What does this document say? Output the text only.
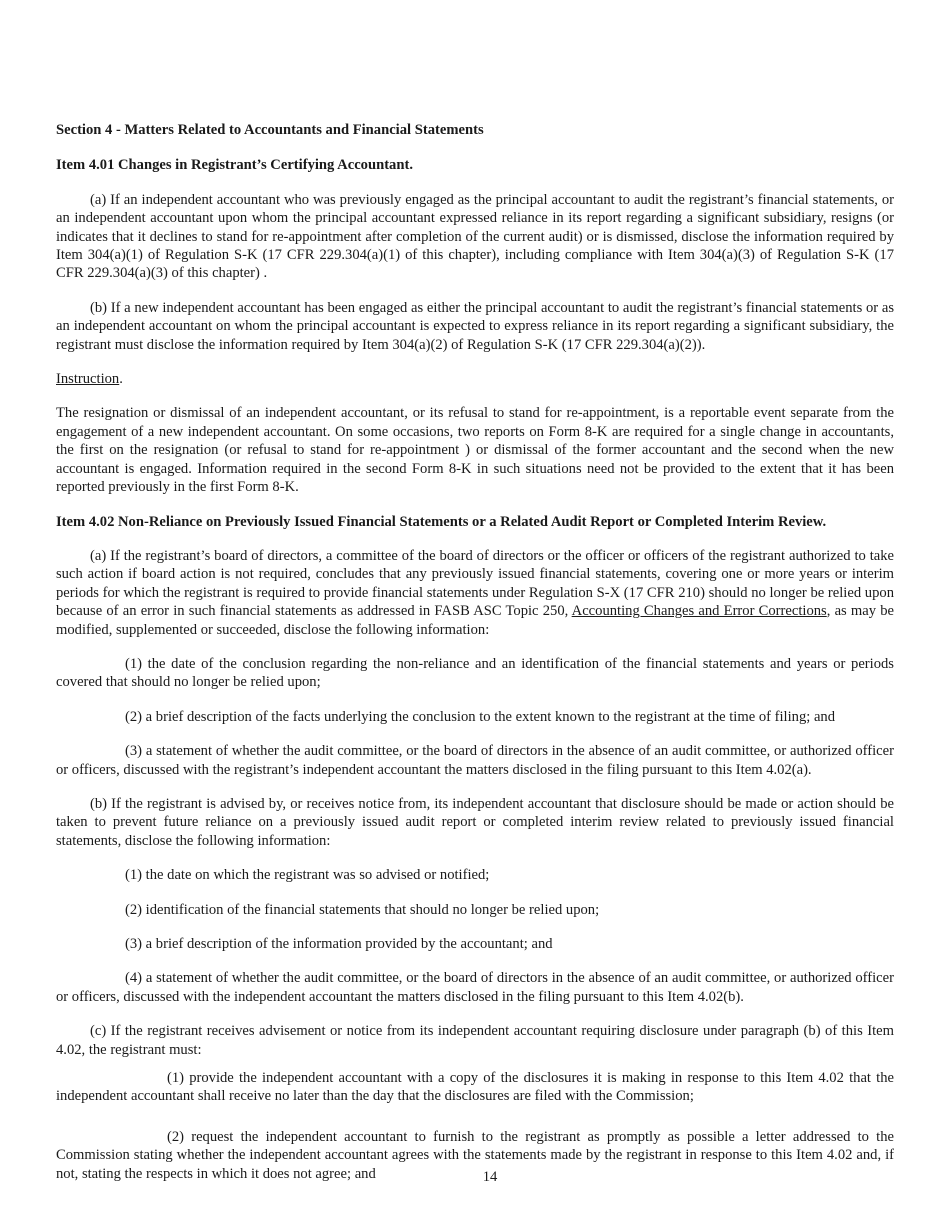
Section 4 - Matters Related to Accountants and Financial Statements

Item 4.01 Changes in Registrant’s Certifying Accountant.

(a) If an independent accountant who was previously engaged as the principal accountant to audit the registrant’s financial statements, or an independent accountant upon whom the principal accountant expressed reliance in its report regarding a significant subsidiary, resigns (or indicates that it declines to stand for re-appointment after completion of the current audit) or is dismissed, disclose the information required by Item 304(a)(1) of Regulation S-K (17 CFR 229.304(a)(1) of this chapter), including compliance with Item 304(a)(3) of Regulation S-K (17 CFR 229.304(a)(3) of this chapter) .

(b) If a new independent accountant has been engaged as either the principal accountant to audit the registrant’s financial statements or as an independent accountant on whom the principal accountant is expected to express reliance in its report regarding a significant subsidiary, the registrant must disclose the information required by Item 304(a)(2) of Regulation S-K (17 CFR 229.304(a)(2)).

Instruction.

The resignation or dismissal of an independent accountant, or its refusal to stand for re-appointment, is a reportable event separate from the engagement of a new independent accountant. On some occasions, two reports on Form 8-K are required for a single change in accountants, the first on the resignation (or refusal to stand for re-appointment ) or dismissal of the former accountant and the second when the new accountant is engaged. Information required in the second Form 8-K in such situations need not be provided to the extent that it has been reported previously in the first Form 8-K.

Item 4.02 Non-Reliance on Previously Issued Financial Statements or a Related Audit Report or Completed Interim Review.

(a) If the registrant’s board of directors, a committee of the board of directors or the officer or officers of the registrant authorized to take such action if board action is not required, concludes that any previously issued financial statements, covering one or more years or interim periods for which the registrant is required to provide financial statements under Regulation S-X (17 CFR 210) should no longer be relied upon because of an error in such financial statements as addressed in FASB ASC Topic 250, Accounting Changes and Error Corrections, as may be modified, supplemented or succeeded, disclose the following information:

(1) the date of the conclusion regarding the non-reliance and an identification of the financial statements and years or periods covered that should no longer be relied upon;

(2) a brief description of the facts underlying the conclusion to the extent known to the registrant at the time of filing; and

(3) a statement of whether the audit committee, or the board of directors in the absence of an audit committee, or authorized officer or officers, discussed with the registrant’s independent accountant the matters disclosed in the filing pursuant to this Item 4.02(a).

(b) If the registrant is advised by, or receives notice from, its independent accountant that disclosure should be made or action should be taken to prevent future reliance on a previously issued audit report or completed interim review related to previously issued financial statements, disclose the following information:

(1) the date on which the registrant was so advised or notified;

(2) identification of the financial statements that should no longer be relied upon;

(3) a brief description of the information provided by the accountant; and

(4) a statement of whether the audit committee, or the board of directors in the absence of an audit committee, or authorized officer or officers, discussed with the independent accountant the matters disclosed in the filing pursuant to this Item 4.02(b).

(c) If the registrant receives advisement or notice from its independent accountant requiring disclosure under paragraph (b) of this Item 4.02, the registrant must:

(1) provide the independent accountant with a copy of the disclosures it is making in response to this Item 4.02 that the independent accountant shall receive no later than the day that the disclosures are filed with the Commission;

(2) request the independent accountant to furnish to the registrant as promptly as possible a letter addressed to the Commission stating whether the independent accountant agrees with the statements made by the registrant in response to this Item 4.02 and, if not, stating the respects in which it does not agree; and	14
